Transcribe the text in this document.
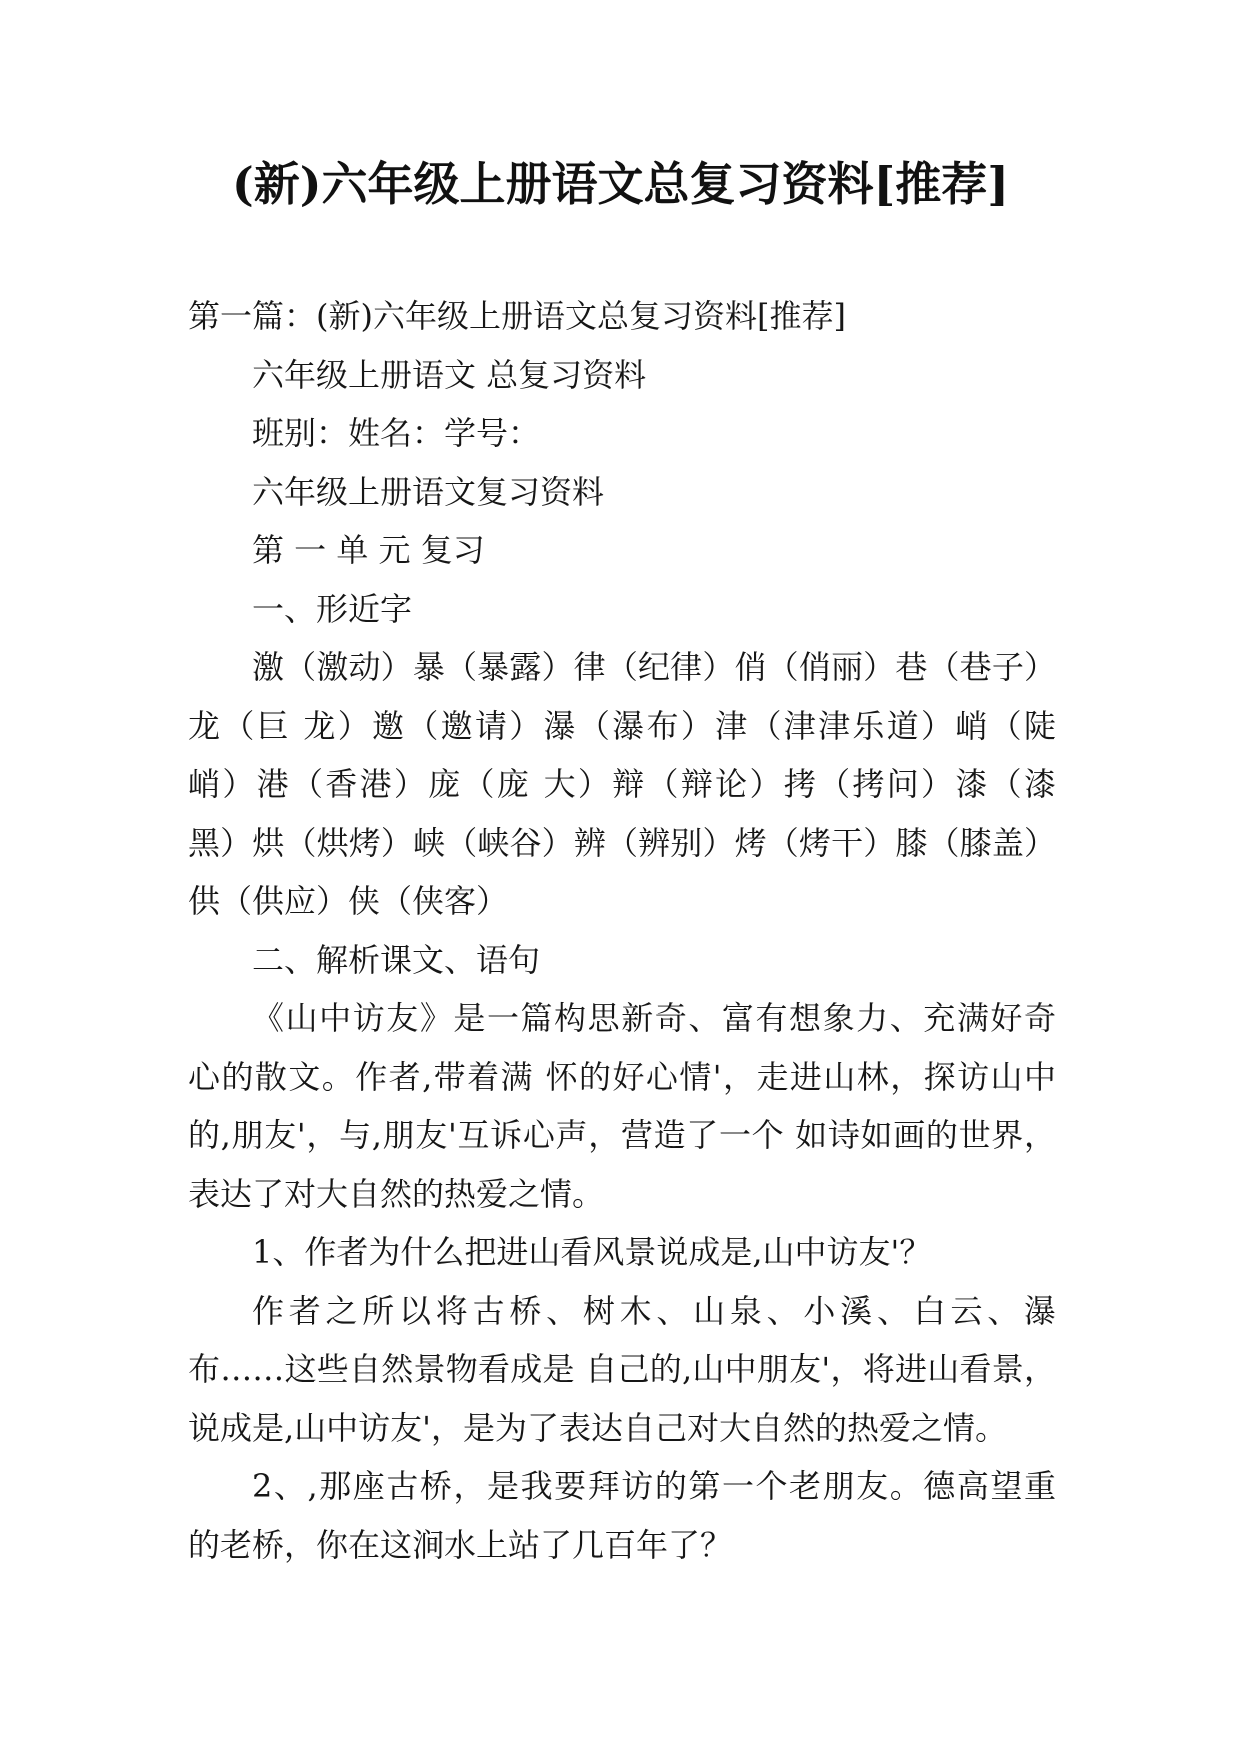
(新)六年级上册语文总复习资料[推荐]
第一篇：(新)六年级上册语文总复习资料[推荐]
六年级上册语文 总复习资料
班别：姓名：学号：
六年级上册语文复习资料
第 一 单 元 复习
一、形近字
激（激动）暴（暴露）律（纪律）俏（俏丽）巷（巷子）
龙（巨 龙）邀（邀请）瀑（瀑布）津（津津乐道）峭（陡
峭）港（香港）庞（庞 大）辩（辩论）拷（拷问）漆（漆
黑）烘（烘烤）峡（峡谷）辨（辨别）烤（烤干）膝（膝盖）
供（供应）侠（侠客）
二、解析课文、语句
《山中访友》是一篇构思新奇、富有想象力、充满好奇
心的散文。作者,带着满 怀的好心情'，走进山林，探访山中
的,朋友'，与,朋友'互诉心声，营造了一个 如诗如画的世界，
表达了对大自然的热爱之情。
1、作者为什么把进山看风景说成是,山中访友'？
作者之所以将古桥、树木、山泉、小溪、白云、瀑
布……这些自然景物看成是 自己的,山中朋友'，将进山看景，
说成是,山中访友'，是为了表达自己对大自然的热爱之情。
2、,那座古桥，是我要拜访的第一个老朋友。德高望重
的老桥，你在这涧水上站了几百年了？
